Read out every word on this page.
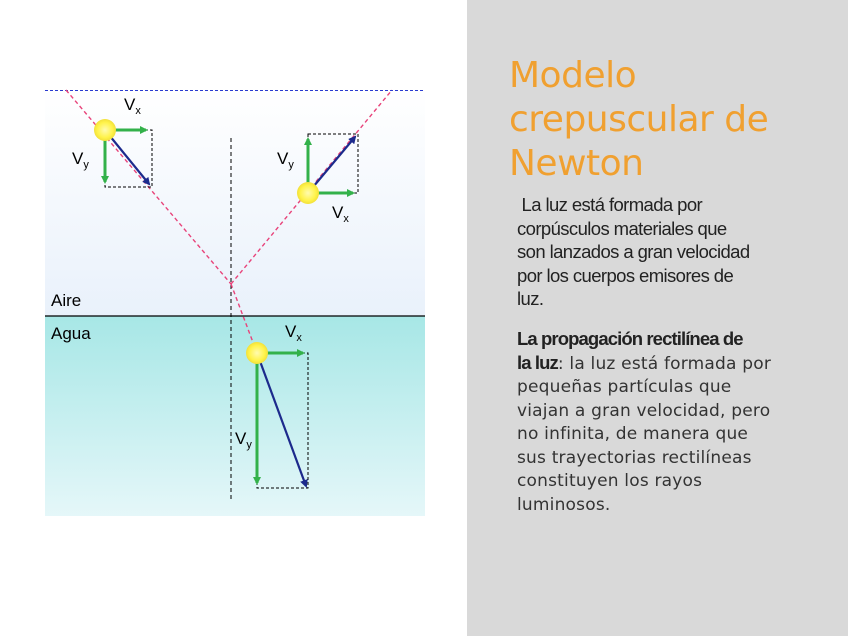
Modelo
crepuscular de
Newton
La luz está formada por
corpúsculos materiales que
son lanzados a gran velocidad
por los cuerpos emisores de
luz.
La propagación rectilínea de
la luz: la luz está formada por
pequeñas partículas que
viajan a gran velocidad, pero
no infinita, de manera que
sus trayectorias rectilíneas
constituyen los rayos
luminosos.
$V_x$
$V_y$	$V_y$
$V_x$
$V_x$
$V_y$
Aire
Agua
